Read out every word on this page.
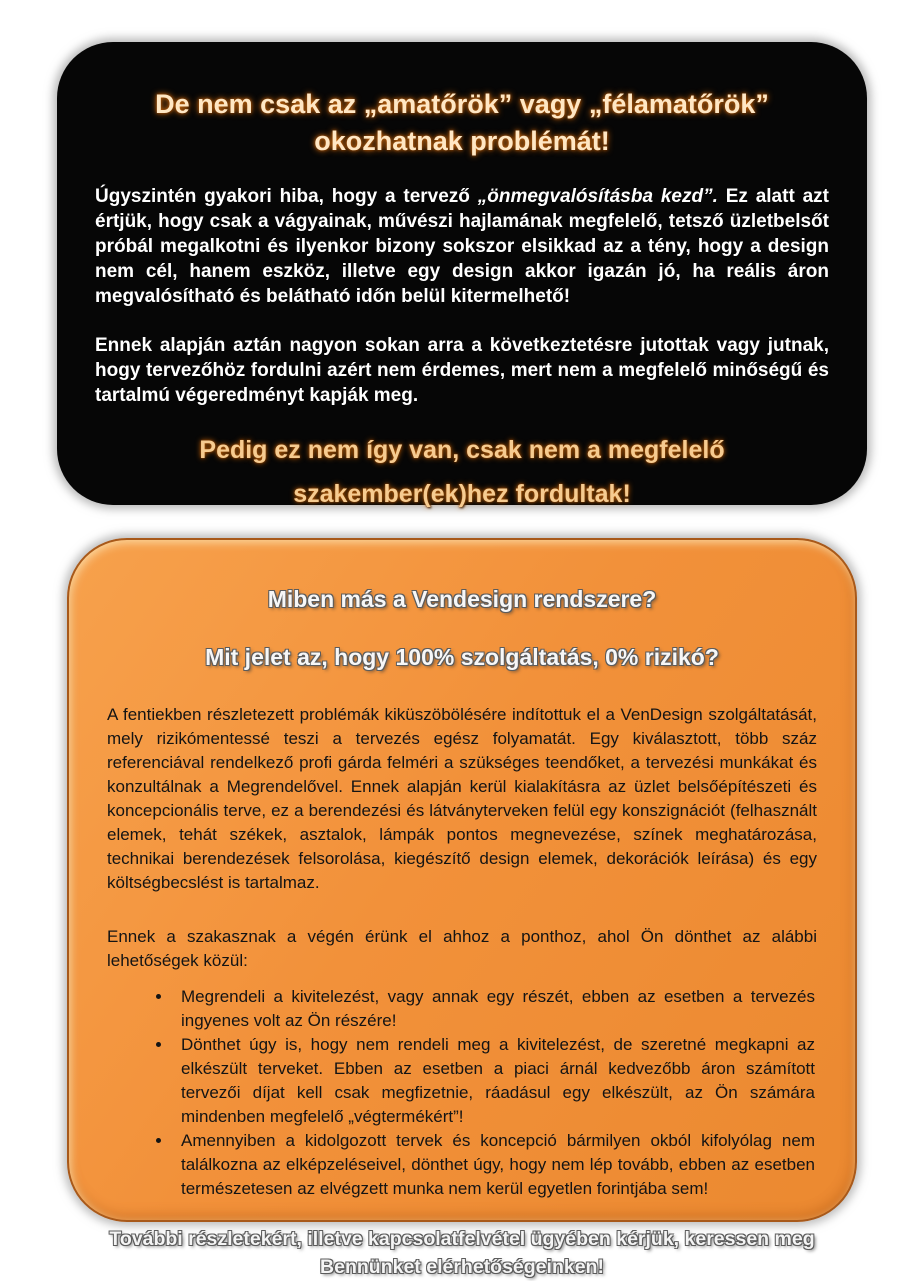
De nem csak az „amatőrök” vagy „félamatőrök” okozhatnak problémát!

Úgyszintén gyakori hiba, hogy a tervező „önmegvalósításba kezd”. Ez alatt azt értjük, hogy csak a vágyainak, művészi hajlamának megfelelő, tetsző üzletbelsőt próbál megalkotni és ilyenkor bizony sokszor elsikkad az a tény, hogy a design nem cél, hanem eszköz, illetve egy design akkor igazán jó, ha reális áron megvalósítható és belátható időn belül kitermelhető!

Ennek alapján aztán nagyon sokan arra a következtetésre jutottak vagy jutnak, hogy tervezőhöz fordulni azért nem érdemes, mert nem a megfelelő minőségű és tartalmú végeredményt kapják meg.

Pedig ez nem így van, csak nem a megfelelő szakember(ek)hez fordultak!
Miben más a Vendesign rendszere?
Mit jelet az, hogy 100% szolgáltatás, 0% rizikó?

A fentiekben részletezett problémák kiküszöbölésére indítottuk el a VenDesign szolgáltatását, mely rizikómentessé teszi a tervezés egész folyamatát. Egy kiválasztott, több száz referenciával rendelkező profi gárda felméri a szükséges teendőket, a tervezési munkákat és konzultálnak a Megrendelővel. Ennek alapján kerül kialakításra az üzlet belsőépítészeti és koncepcionális terve, ez a berendezési és látványterveken felül egy konszignációt (felhasznált elemek, tehát székek, asztalok, lámpák pontos megnevezése, színek meghatározása, technikai berendezések felsorolása, kiegészítő design elemek, dekorációk leírása) és egy költségbecslést is tartalmaz.

Ennek a szakasznak a végén érünk el ahhoz a ponthoz, ahol Ön dönthet az alábbi lehetőségek közül:

• Megrendeli a kivitelezést, vagy annak egy részét, ebben az esetben a tervezés ingyenes volt az Ön részére!
• Dönthet úgy is, hogy nem rendeli meg a kivitelezést, de szeretné megkapni az elkészült terveket. Ebben az esetben a piaci árnál kedvezőbb áron számított tervezői díjat kell csak megfizetnie, ráadásul egy elkészült, az Ön számára mindenben megfelelő „végtermékért”!
• Amennyiben a kidolgozott tervek és koncepció bármilyen okból kifolyólag nem találkozna az elképzeléseivel, dönthet úgy, hogy nem lép tovább, ebben az esetben természetesen az elvégzett munka nem kerül egyetlen forintjába sem!
További részletekért, illetve kapcsolatfelvétel ügyében kérjük, keressen meg Bennünket elérhetőségeinken!
